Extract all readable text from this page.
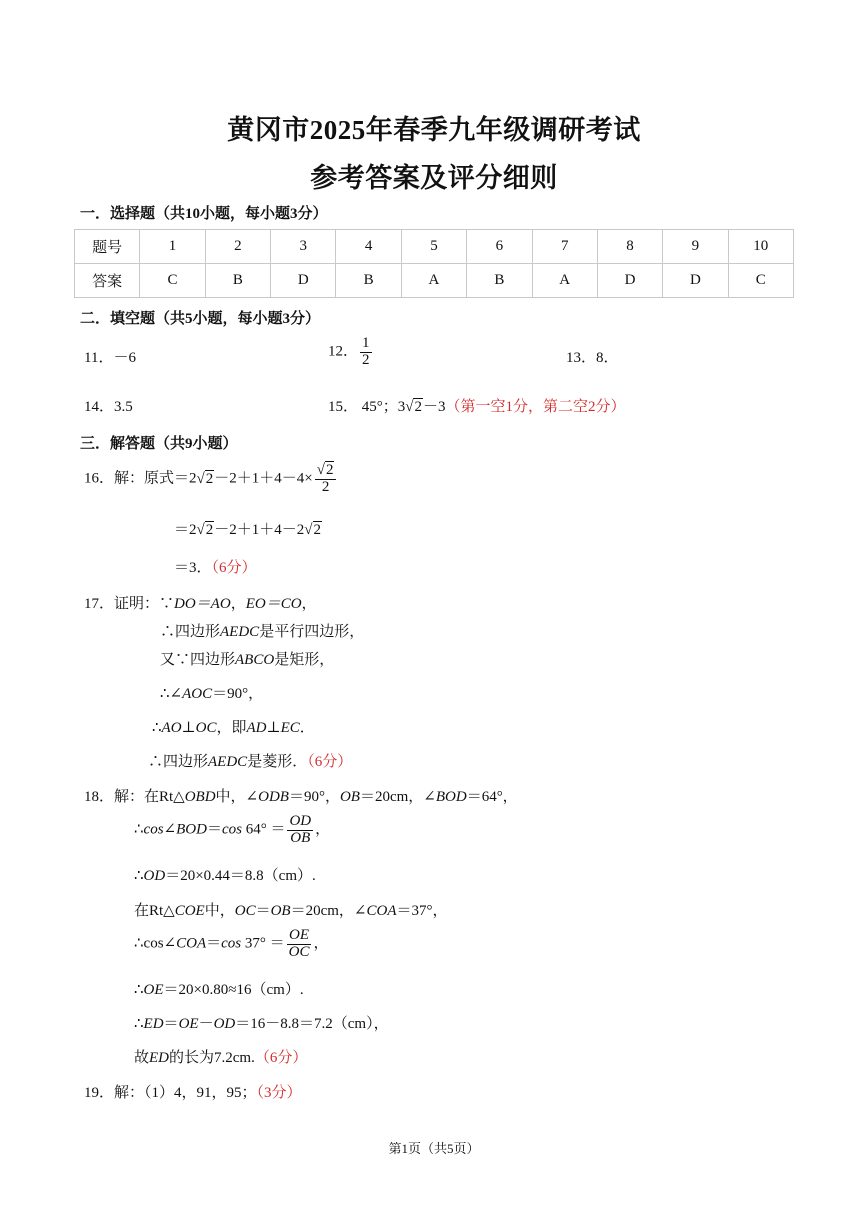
黄冈市2025年春季九年级调研考试
参考答案及评分细则
一．选择题（共10小题，每小题3分）
题号	1	2	3	4	5	6	7	8	9	10
答案	C	B	D	B	A	B	A	D	D	C
二．填空题（共5小题，每小题3分）
11．－6	12． $\frac{1}{2}$	13．8．
14．3.5	15． 45°；3√2－3（第一空1分，第二空2分）
三．解答题（共9小题）
16．解：原式$=2√2-2+1+4-4\times \frac{√2}{2}$
＝2√2－2＋1＋4－2√2
＝3．（6分）
17．证明：∵DO＝AO，EO＝CO，
∴四边形AEDC是平行四边形，
又∵四边形ABCO是矩形，
∴∠AOC＝90°，
∴AO⊥OC，即AD⊥EC．
∴四边形AEDC是菱形．（6分）
18．解：在Rt△OBD中，∠ODB＝90°，OB＝20cm，∠BOD＝64°，
∴cos∠BOD＝cos $64^\circ = \frac{OD}{OB}$ ，
∴OD＝20×0.44＝8.8（cm）.
在Rt△COE中，OC＝OB＝20cm，∠COA＝37°，
∴cos∠COA＝cos $37^\circ = \frac{OE}{OC}$ ，
∴OE＝20×0.80≈16（cm）.
∴ED＝OE－OD＝16－8.8＝7.2（cm），
故ED的长为7.2cm.（6分）
19．解：（1）4，91，95；（3分）
第1页（共5页）
